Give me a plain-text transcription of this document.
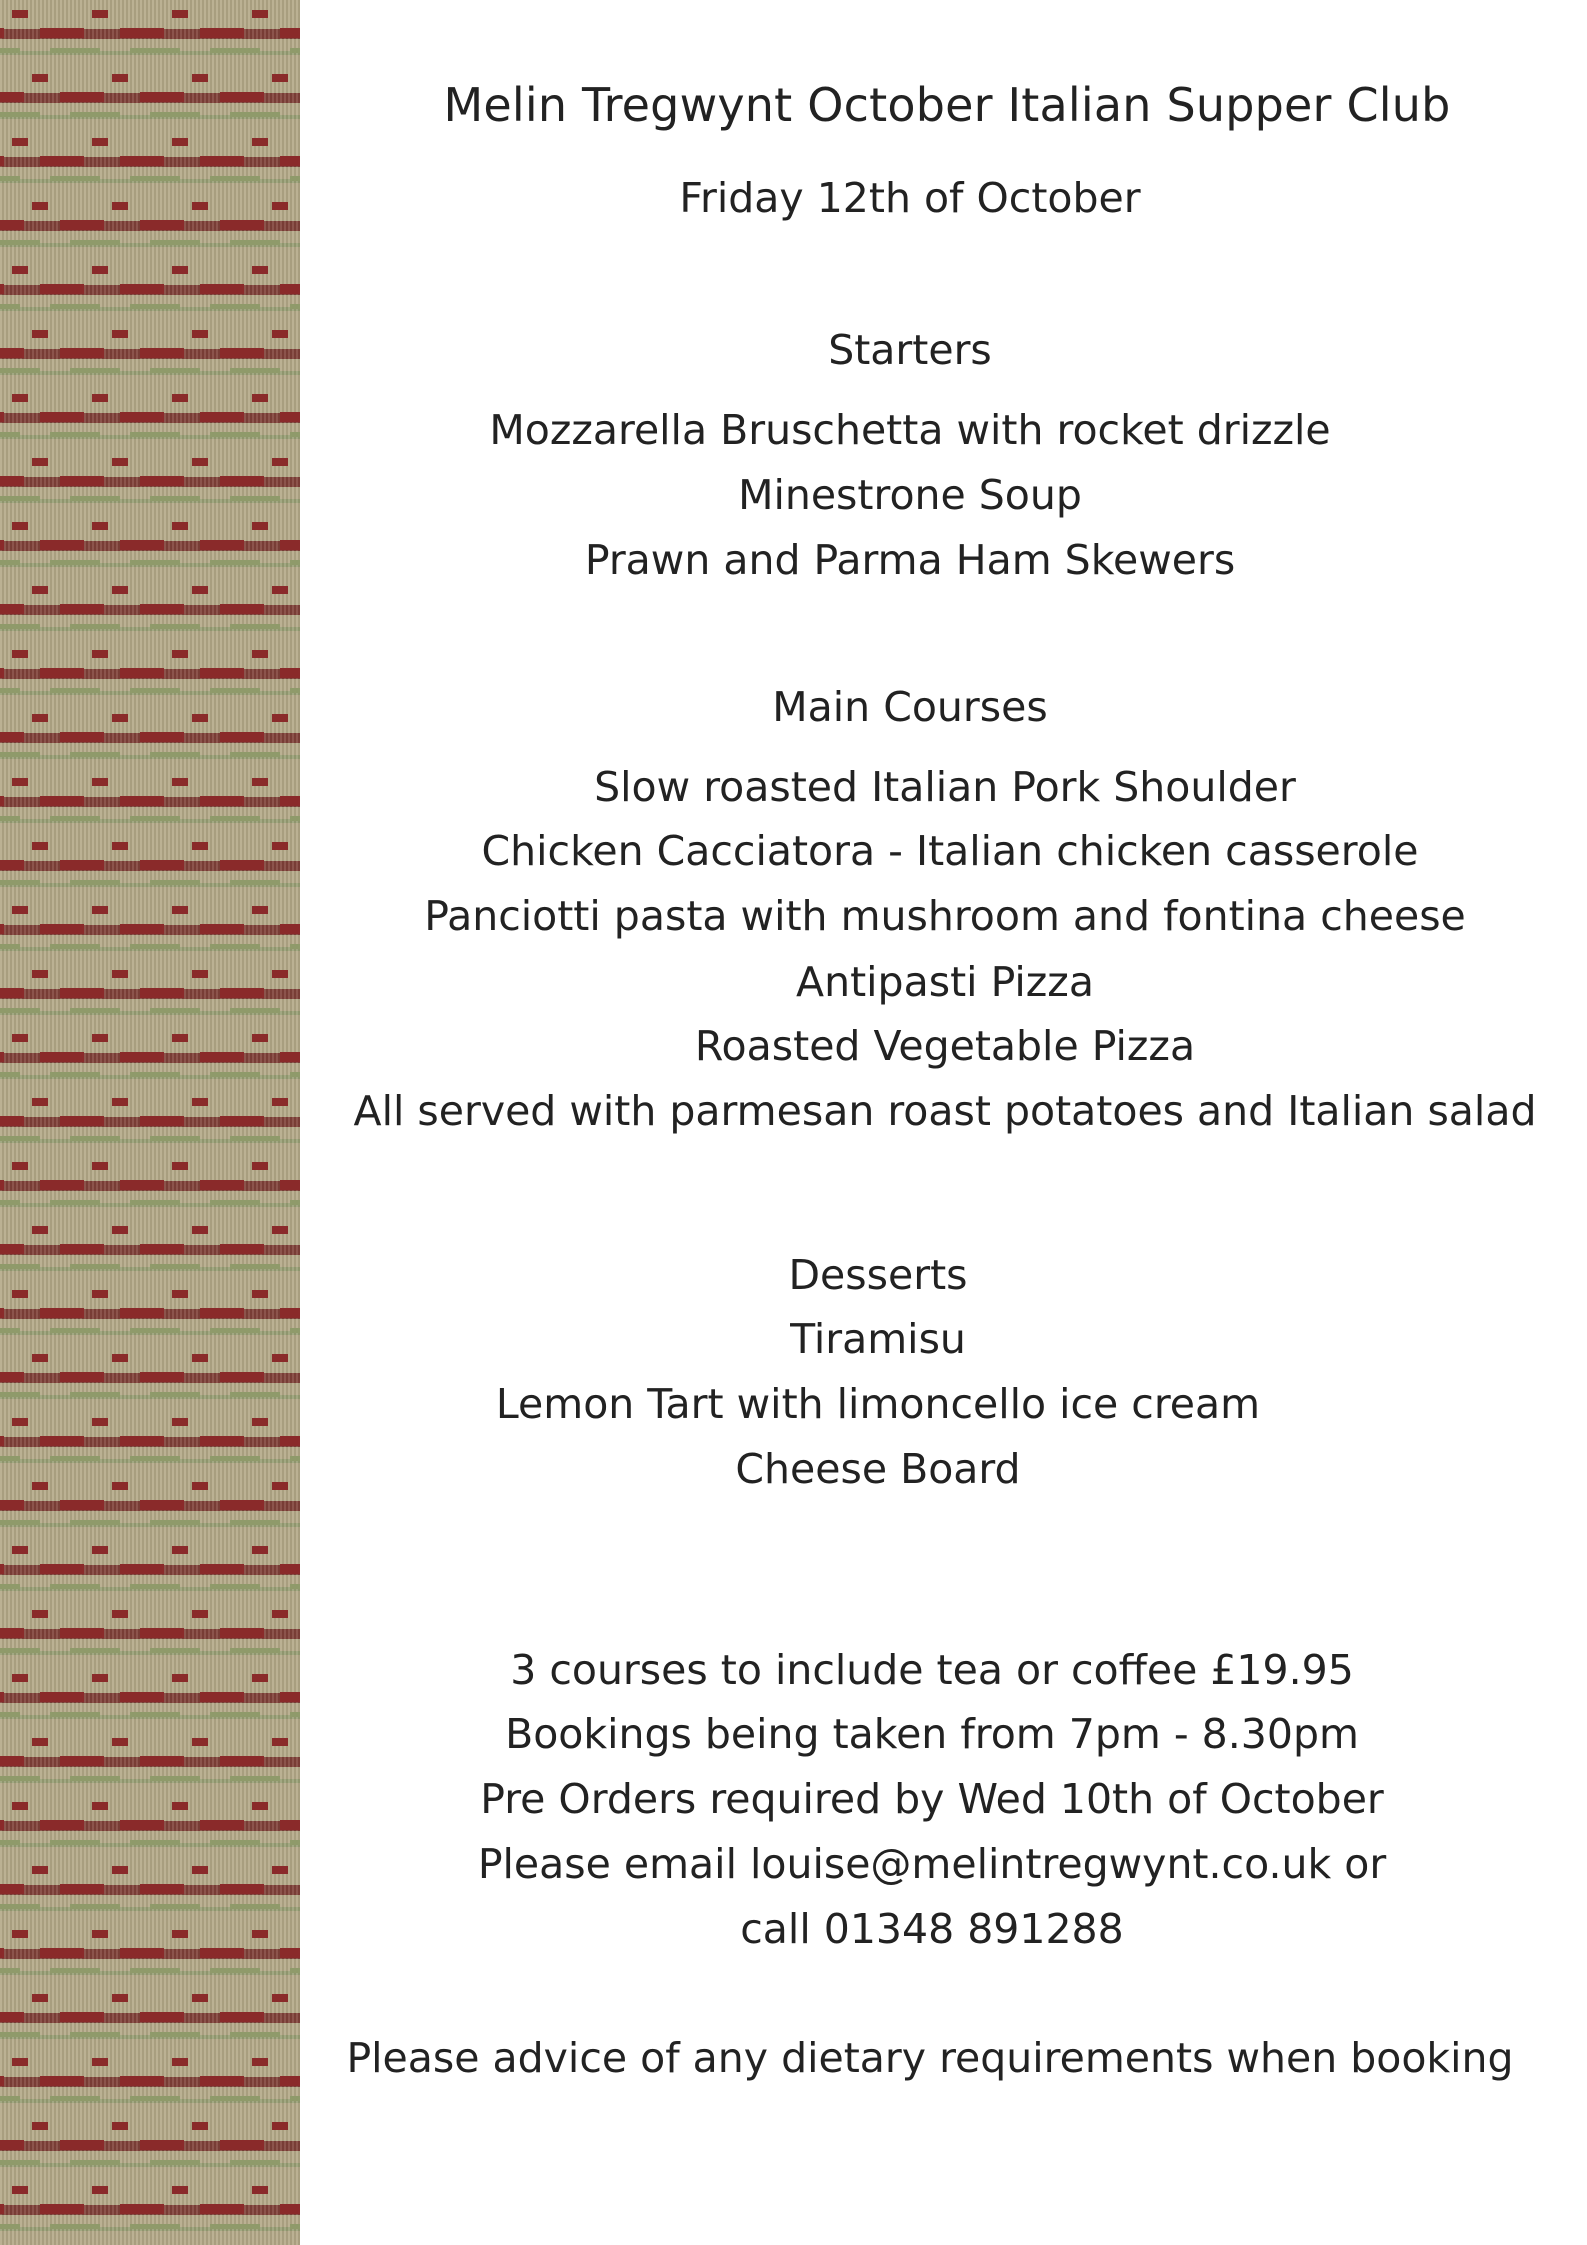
Melin Tregwynt October Italian Supper Club
Friday 12th of October
Starters
Mozzarella Bruschetta with rocket drizzle
Minestrone Soup
Prawn and Parma Ham Skewers
Main Courses
Slow roasted Italian Pork Shoulder
Chicken Cacciatora - Italian chicken casserole
Panciotti pasta with mushroom and fontina cheese
Antipasti Pizza
Roasted Vegetable Pizza
All served with parmesan roast potatoes and Italian salad
Desserts
Tiramisu
Lemon Tart with limoncello ice cream
Cheese Board
3 courses to include tea or coffee £19.95
Bookings being taken from 7pm - 8.30pm
Pre Orders required by Wed 10th of October
Please email louise@melintregwynt.co.uk or
call 01348 891288
Please advice of any dietary requirements when booking
